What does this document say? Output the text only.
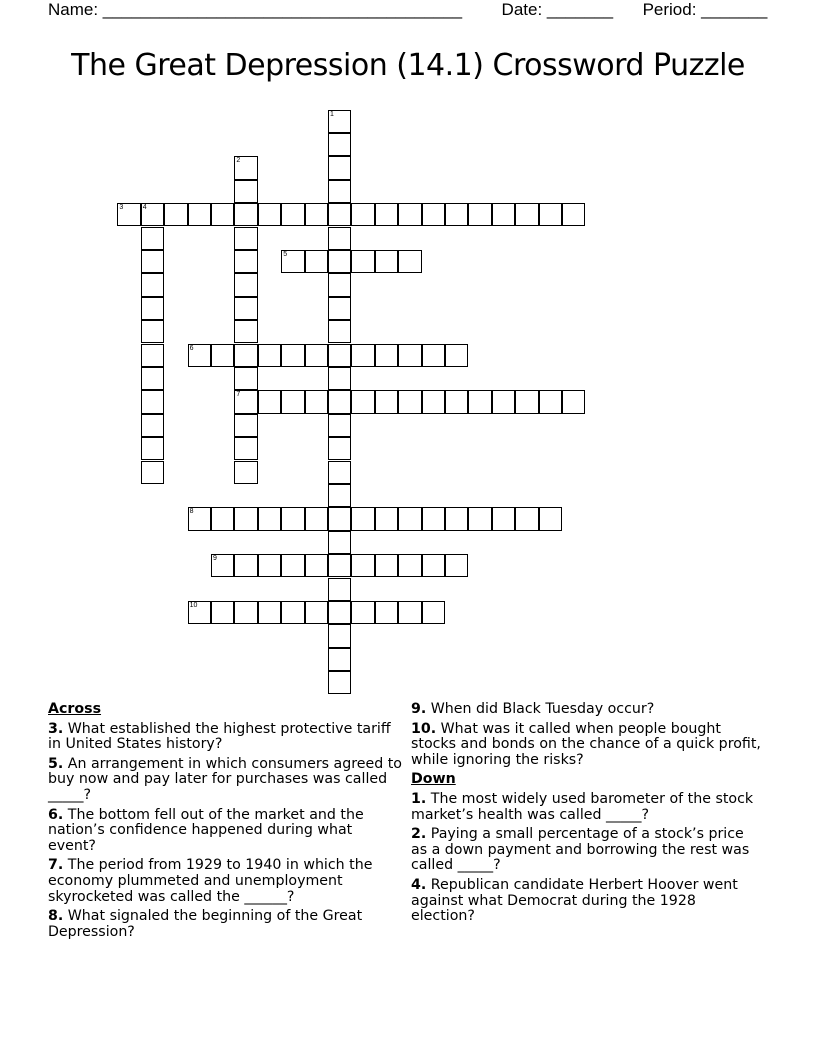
Name: ______________________________________ Date: _______ Period: _______
The Great Depression (14.1) Crossword Puzzle
3	4
5
6
7
8
9
10
1
2
Across
3. What established the highest protective tariff in United States history?
5. An arrangement in which consumers agreed to buy now and pay later for purchases was called _____?
6. The bottom fell out of the market and the nation’s confidence happened during what event?
7. The period from 1929 to 1940 in which the economy plummeted and unemployment skyrocketed was called the ______?
8. What signaled the beginning of the Great Depression?
9. When did Black Tuesday occur?
10. What was it called when people bought stocks and bonds on the chance of a quick profit, while ignoring the risks?
Down
1. The most widely used barometer of the stock market’s health was called _____?
2. Paying a small percentage of a stock’s price as a down payment and borrowing the rest was called _____?
4. Republican candidate Herbert Hoover went against what Democrat during the 1928 election?
